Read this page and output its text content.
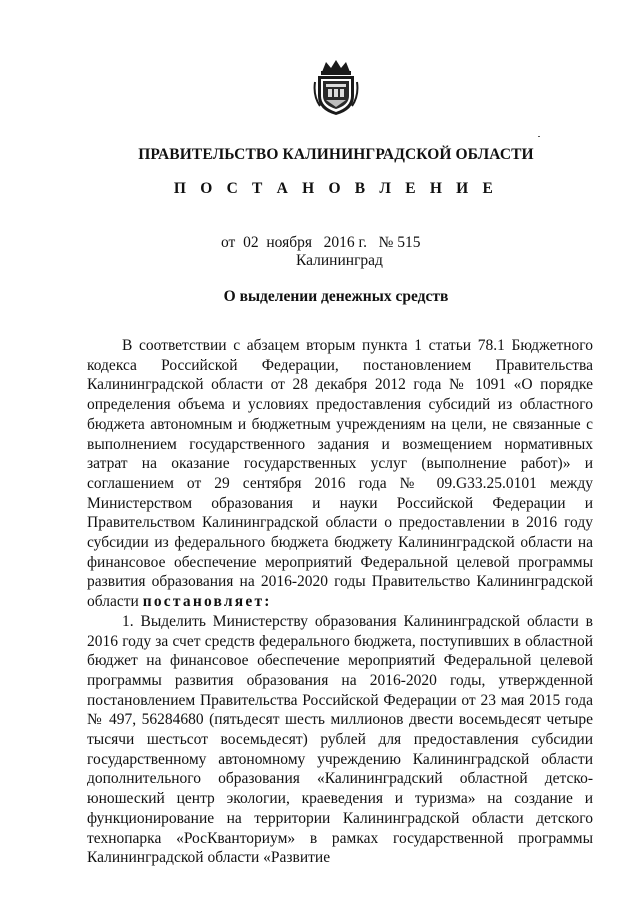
ПРАВИТЕЛЬСТВО КАЛИНИНГРАДСКОЙ ОБЛАСТИ
П О С Т А Н О В Л Е Н И Е
от  02  ноября   2016 г.   № 515
Калининград
О выделении денежных средств

В соответствии с абзацем вторым пункта 1 статьи 78.1 Бюджетного кодекса Российской Федерации, постановлением Правительства Калининградской области от 28 декабря 2012 года № 1091 «О порядке определения объема и условиях предоставления субсидий из областного бюджета автономным и бюджетным учреждениям на цели, не связанные с выполнением государственного задания и возмещением нормативных затрат на оказание государственных услуг (выполнение работ)» и соглашением от 29 сентября 2016 года № 09.G33.25.0101 между Министерством образования и науки Российской Федерации и Правительством Калининградской области о предоставлении в 2016 году субсидии из федерального бюджета бюджету Калининградской области на финансовое обеспечение мероприятий Федеральной целевой программы развития образования на 2016-2020 годы Правительство Калининградской области постановляет:

1. Выделить Министерству образования Калининградской области в 2016 году за счет средств федерального бюджета, поступивших в областной бюджет на финансовое обеспечение мероприятий Федеральной целевой программы развития образования на 2016-2020 годы, утвержденной постановлением Правительства Российской Федерации от 23 мая 2015 года № 497, 56284680 (пятьдесят шесть миллионов двести восемьдесят четыре тысячи шестьсот восемьдесят) рублей для предоставления субсидии государственному автономному учреждению Калининградской области дополнительного образования «Калининградский областной детско-юношеский центр экологии, краеведения и туризма» на создание и функционирование на территории Калининградской области детского технопарка «РосКванториум» в рамках государственной программы Калининградской области «Развитие
